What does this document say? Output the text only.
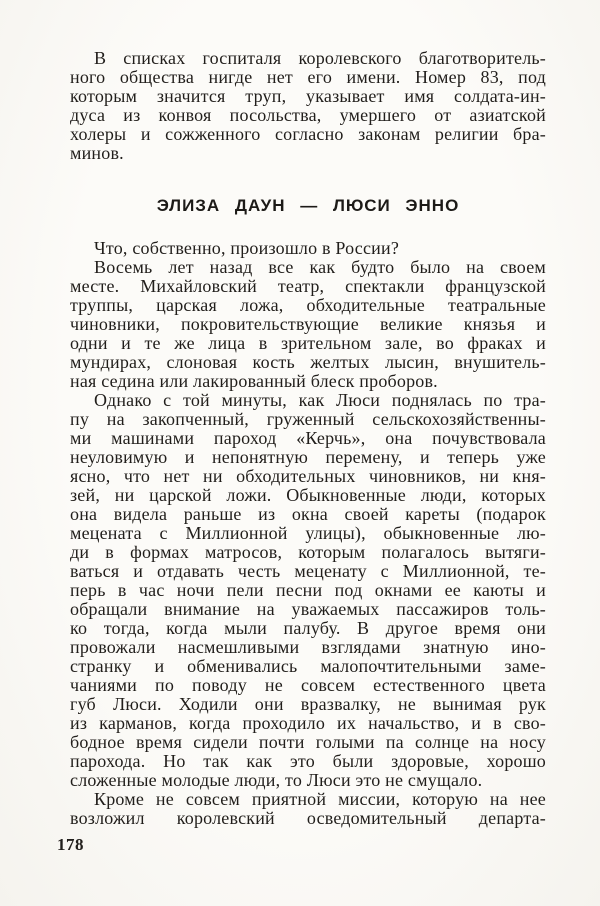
В списках госпиталя королевского благотворитель-
ного общества нигде нет его имени. Номер 83, под
которым значится труп, указывает имя солдата-ин-
дуса из конвоя посольства, умершего от азиатской
холеры и сожженного согласно законам религии бра-
минов.
ЭЛИЗА ДАУН — ЛЮСИ ЭННО
Что, собственно, произошло в России?
Восемь лет назад все как будто было на своем
месте. Михайловский театр, спектакли французской
труппы, царская ложа, обходительные театральные
чиновники, покровительствующие великие князья и
одни и те же лица в зрительном зале, во фраках и
мундирах, слоновая кость желтых лысин, внушитель-
ная седина или лакированный блеск проборов.
Однако с той минуты, как Люси поднялась по тра-
пу на закопченный, груженный сельскохозяйственны-
ми машинами пароход «Керчь», она почувствовала
неуловимую и непонятную перемену, и теперь уже
ясно, что нет ни обходительных чиновников, ни кня-
зей, ни царской ложи. Обыкновенные люди, которых
она видела раньше из окна своей кареты (подарок
мецената с Миллионной улицы), обыкновенные лю-
ди в формах матросов, которым полагалось вытяги-
ваться и отдавать честь меценату с Миллионной, те-
перь в час ночи пели песни под окнами ее каюты и
обращали внимание на уважаемых пассажиров толь-
ко тогда, когда мыли палубу. В другое время они
провожали насмешливыми взглядами знатную ино-
странку и обменивались малопочтительными заме-
чаниями по поводу не совсем естественного цвета
губ Люси. Ходили они вразвалку, не вынимая рук
из карманов, когда проходило их начальство, и в сво-
бодное время сидели почти голыми па солнце на носу
парохода. Но так как это были здоровые, хорошо
сложенные молодые люди, то Люси это не смущало.
Кроме не совсем приятной миссии, которую на нее
возложил королевский осведомительный департа-
178
